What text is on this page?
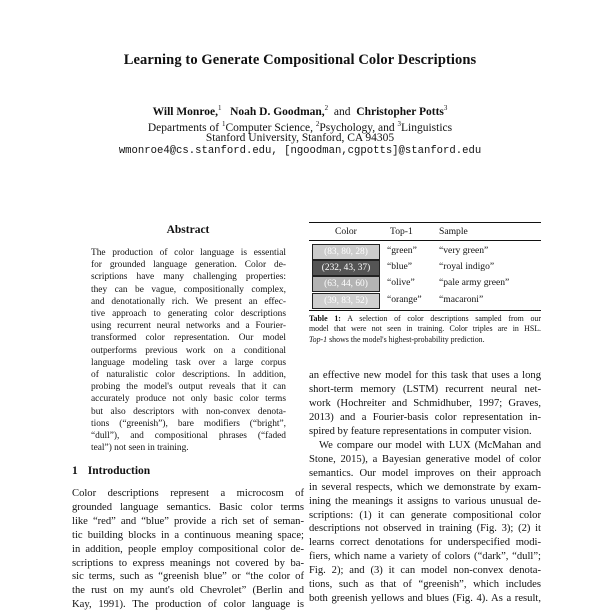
Learning to Generate Compositional Color Descriptions
Will Monroe,$^1$ Noah D. Goodman,$^2$ and Christopher Potts$^3$
Departments of $^1$Computer Science, $^2$Psychology, and $^3$Linguistics
Stanford University, Stanford, CA 94305
wmonroe4@cs.stanford.edu, [ngoodman,cgpotts]@stanford.edu
Abstract
The production of color language is essential
for grounded language generation. Color de-
scriptions have many challenging properties:
they can be vague, compositionally complex,
and denotationally rich. We present an effec-
tive approach to generating color descriptions
using recurrent neural networks and a Fourier-
transformed color representation. Our model
outperforms previous work on a conditional
language modeling task over a large corpus
of naturalistic color descriptions. In addition,
probing the model's output reveals that it can
accurately produce not only basic color terms
but also descriptors with non-convex denota-
tions (“greenish”), bare modifiers (“bright”,
“dull”), and compositional phrases (“faded
teal”) not seen in training.
1 Introduction
Color descriptions represent a microcosm of
grounded language semantics. Basic color terms
like “red” and “blue” provide a rich set of seman-
tic building blocks in a continuous meaning space;
in addition, people employ compositional color de-
scriptions to express meanings not covered by ba-
sic terms, such as “greenish blue” or “the color of
the rust on my aunt's old Chevrolet” (Berlin and
Kay, 1991). The production of color language is
Color	Top-1	Sample
(83, 80, 28)	“green” “very green”
(232, 43, 37)	“blue”	“royal indigo”
(63, 44, 60)	“olive”	“pale army green”
(39, 83, 52)	“orange” “macaroni”
Table 1: A selection of color descriptions sampled from our
model that were not seen in training. Color triples are in HSL.
Top-1 shows the model's highest-probability prediction.
an effective new model for this task that uses a long
short-term memory (LSTM) recurrent neural net-
work (Hochreiter and Schmidhuber, 1997; Graves,
2013) and a Fourier-basis color representation in-
spired by feature representations in computer vision.
We compare our model with LUX (McMahan and
Stone, 2015), a Bayesian generative model of color
semantics. Our model improves on their approach
in several respects, which we demonstrate by exam-
ining the meanings it assigns to various unusual de-
scriptions: (1) it can generate compositional color
descriptions not observed in training (Fig. 3); (2) it
learns correct denotations for underspecified modi-
fiers, which name a variety of colors (“dark”, “dull”;
Fig. 2); and (3) it can model non-convex denota-
tions, such as that of “greenish”, which includes
both greenish yellows and blues (Fig. 4). As a result,
